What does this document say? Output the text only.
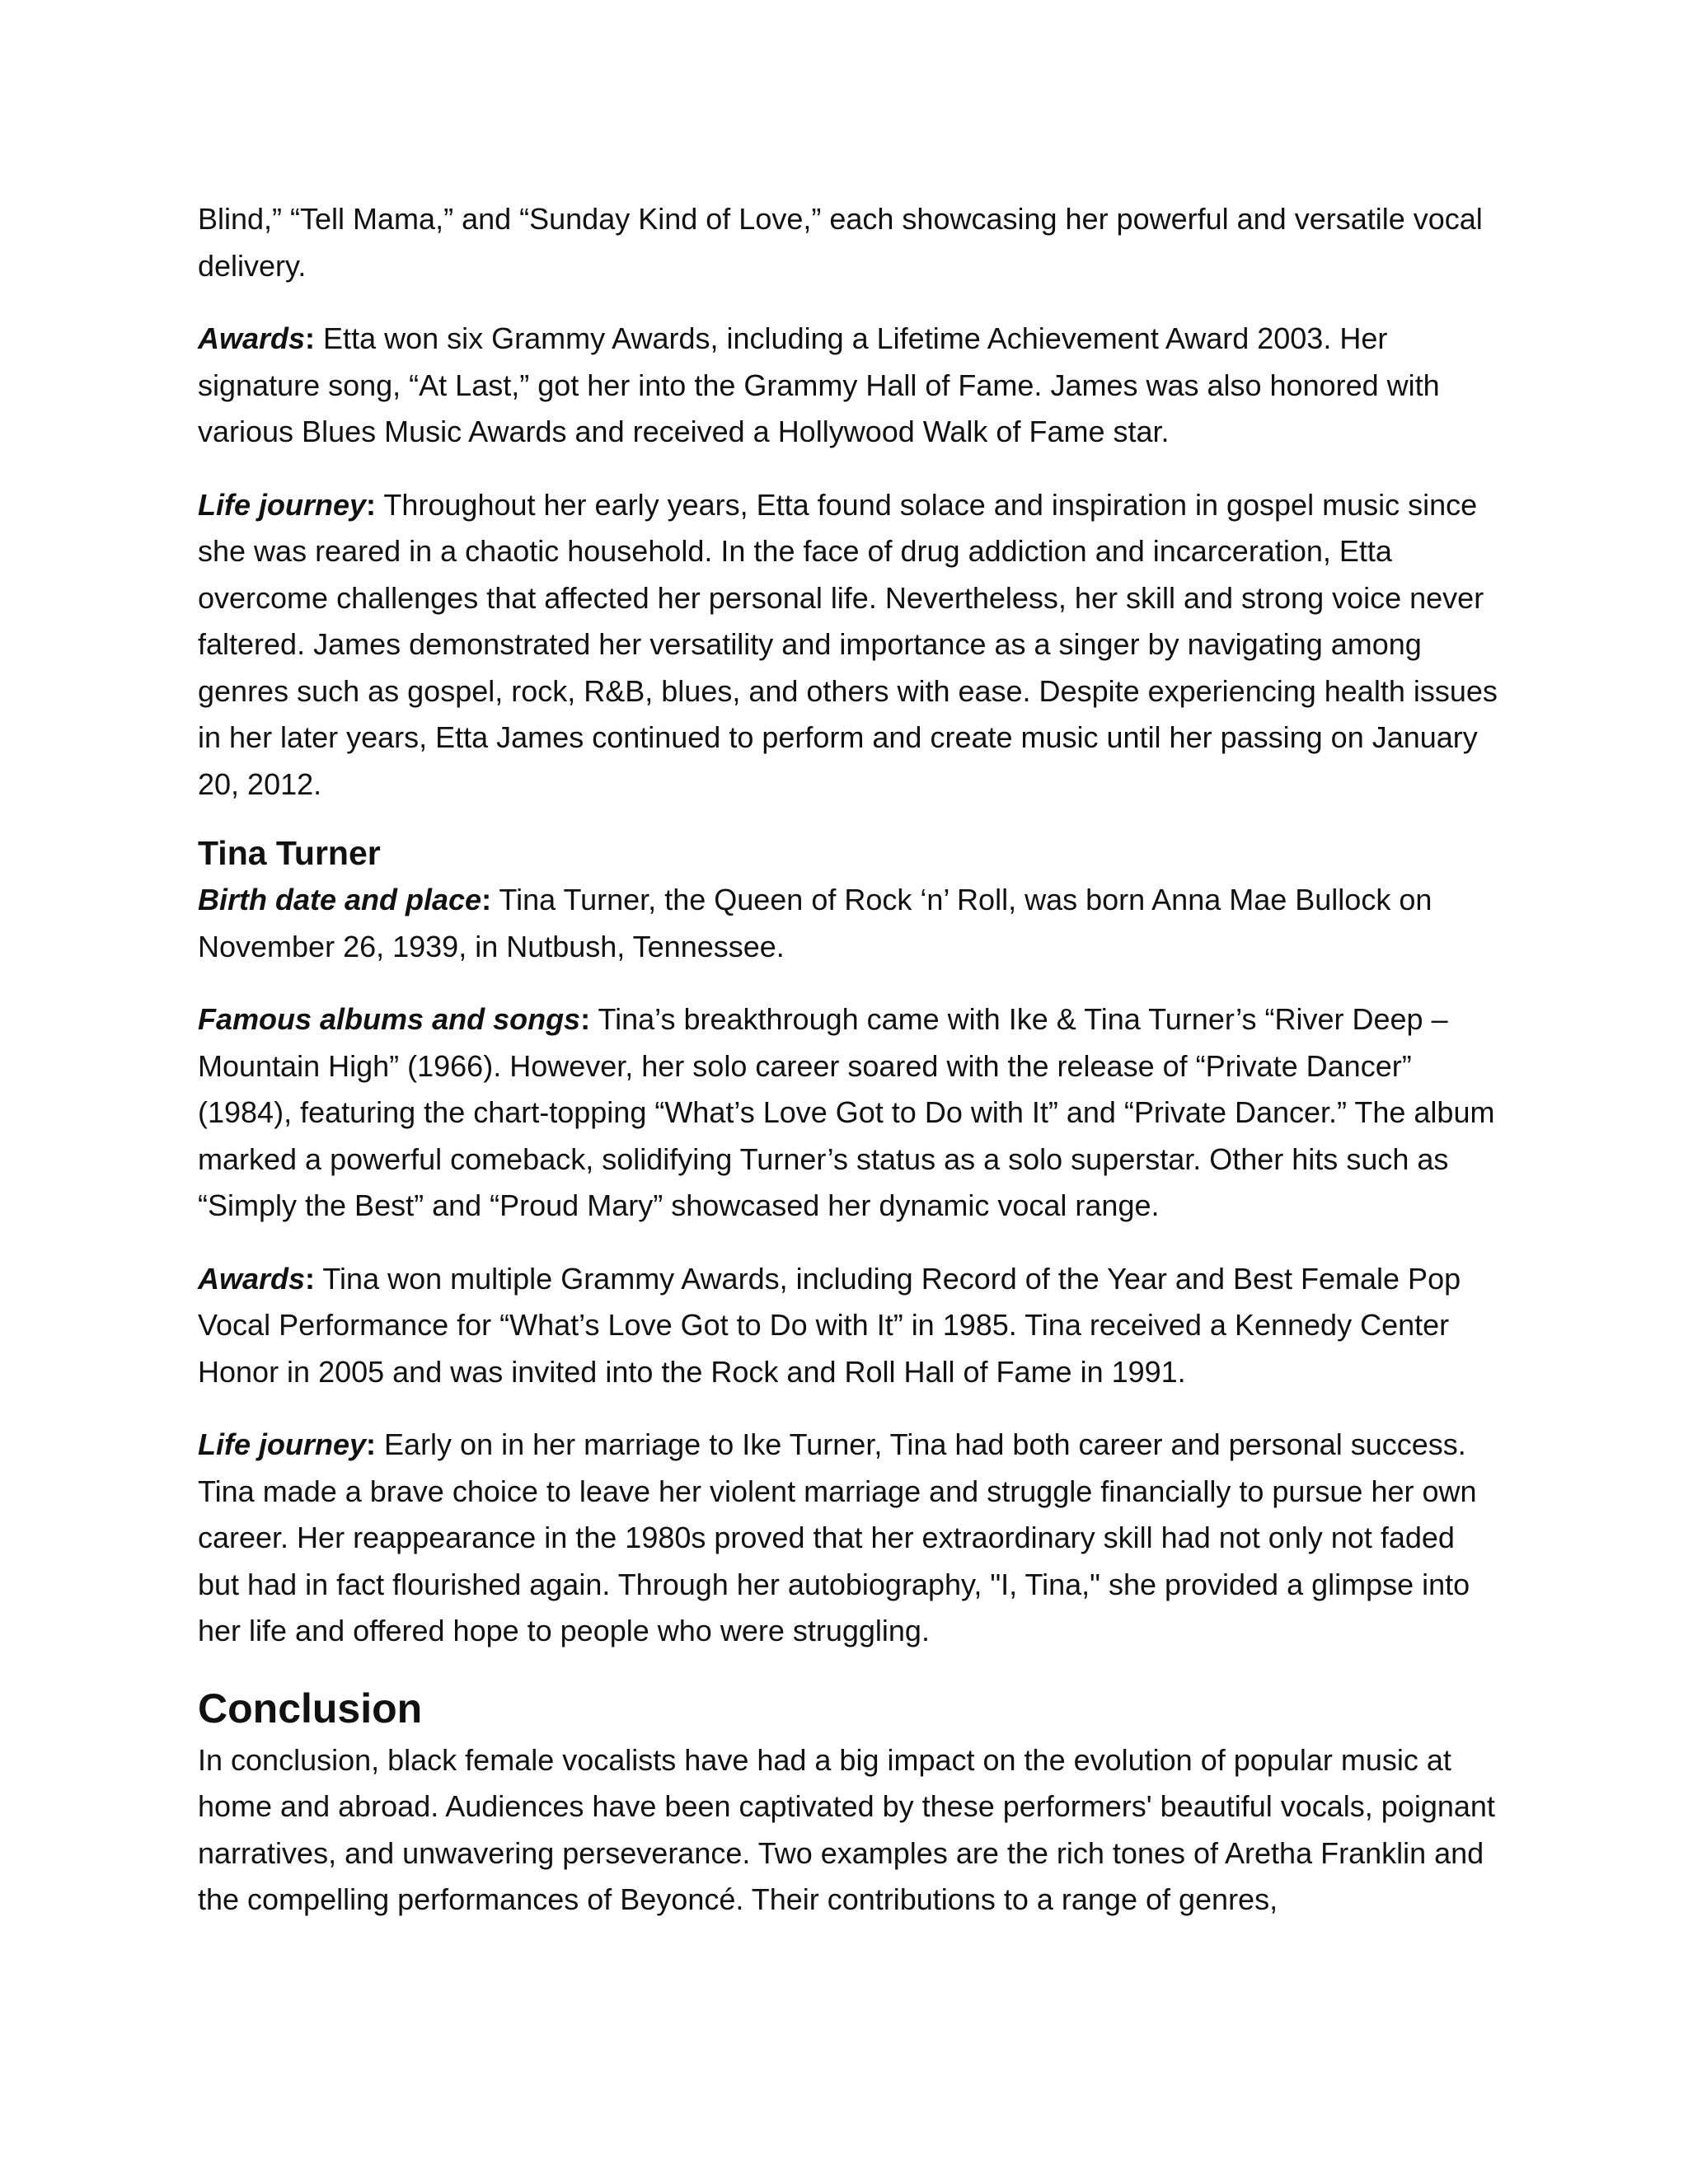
Blind,” “Tell Mama,” and “Sunday Kind of Love,” each showcasing her powerful and versatile vocal delivery.

Awards: Etta won six Grammy Awards, including a Lifetime Achievement Award 2003. Her signature song, “At Last,” got her into the Grammy Hall of Fame. James was also honored with various Blues Music Awards and received a Hollywood Walk of Fame star.

Life journey: Throughout her early years, Etta found solace and inspiration in gospel music since she was reared in a chaotic household. In the face of drug addiction and incarceration, Etta overcome challenges that affected her personal life. Nevertheless, her skill and strong voice never faltered. James demonstrated her versatility and importance as a singer by navigating among genres such as gospel, rock, R&B, blues, and others with ease. Despite experiencing health issues in her later years, Etta James continued to perform and create music until her passing on January 20, 2012.

Tina Turner

Birth date and place: Tina Turner, the Queen of Rock ‘n’ Roll, was born Anna Mae Bullock on November 26, 1939, in Nutbush, Tennessee.

Famous albums and songs: Tina’s breakthrough came with Ike & Tina Turner’s “River Deep – Mountain High” (1966). However, her solo career soared with the release of “Private Dancer” (1984), featuring the chart-topping “What’s Love Got to Do with It” and “Private Dancer.” The album marked a powerful comeback, solidifying Turner’s status as a solo superstar. Other hits such as “Simply the Best” and “Proud Mary” showcased her dynamic vocal range.

Awards: Tina won multiple Grammy Awards, including Record of the Year and Best Female Pop Vocal Performance for “What’s Love Got to Do with It” in 1985. Tina received a Kennedy Center Honor in 2005 and was invited into the Rock and Roll Hall of Fame in 1991.

Life journey: Early on in her marriage to Ike Turner, Tina had both career and personal success. Tina made a brave choice to leave her violent marriage and struggle financially to pursue her own career. Her reappearance in the 1980s proved that her extraordinary skill had not only not faded but had in fact flourished again. Through her autobiography, "I, Tina," she provided a glimpse into her life and offered hope to people who were struggling.

Conclusion

In conclusion, black female vocalists have had a big impact on the evolution of popular music at home and abroad. Audiences have been captivated by these performers' beautiful vocals, poignant narratives, and unwavering perseverance. Two examples are the rich tones of Aretha Franklin and the compelling performances of Beyoncé. Their contributions to a range of genres,
